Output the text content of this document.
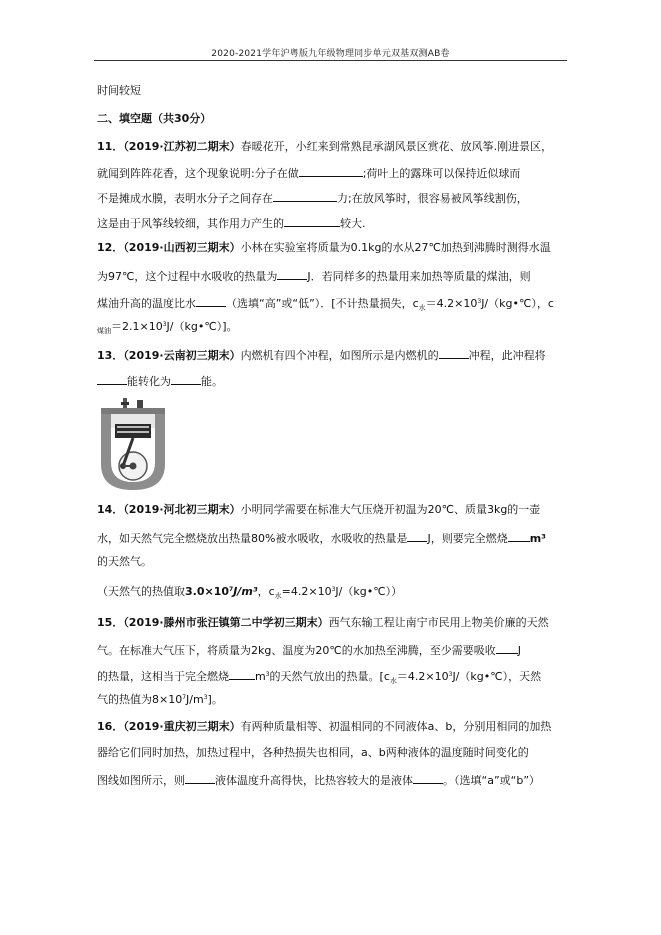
2020-2021学年沪粤版九年级物理同步单元双基双测AB卷
时间较短
二、填空题（共30分）
11．（2019·江苏初二期末）春暖花开，小红来到常熟昆承湖风景区赏花、放风筝.刚进景区，
就闻到阵阵花香，这个现象说明:分子在做	;荷叶上的露珠可以保持近似球而
不是摊成水膜，表明水分子之间存在	力;在放风筝时，很容易被风筝线割伤，
这是由于风筝线较细，其作用力产生的	较大.
12．（2019·山西初三期末）小林在实验室将质量为0.1kg的水从27℃加热到沸腾时测得水温
为97℃，这个过程中水吸收的热量为	J．若同样多的热量用来加热等质量的煤油，则
煤油升高的温度比水	（选填“高”或“低”）．[不计热量损失，$c_水=4.2\times 10^3J/(kg•℃)$，c
$_{煤油}=2.1\times 10^3J/(kg•℃)$]。
13．（2019·云南初三期末）内燃机有四个冲程，如图所示是内燃机的	冲程，此冲程将
能转化为	能。
14．（2019·河北初三期末）小明同学需要在标准大气压烧开初温为20℃、质量3kg的一壶
水，如天然气完全燃烧放出热量80%被水吸收，水吸收的热量是 J，则要完全燃烧 m³
的天然气。
（天然气的热值取$3.0\times 10^7J/m^3$，$c_水=4.2\times 10^3J/(kg•℃)$）
15．（2019·滕州市张汪镇第二中学初三期末）西气东输工程让南宁市民用上物美价廉的天然
气。在标准大气压下，将质量为2kg、温度为20℃的水加热至沸腾，至少需要吸收 J
的热量，这相当于完全燃烧 $m^3$的天然气放出的热量。[$c_水=4.2\times 10^3J/(kg•℃)$，天然
气的热值为$8\times 10^7J/m^3$]。
16．（2019·重庆初三期末）有两种质量相等、初温相同的不同液体a、b，分别用相同的加热
器给它们同时加热，加热过程中，各种热损失也相同，a、b两种液体的温度随时间变化的
图线如图所示，则	液体温度升高得快，比热容较大的是液体	。（选填“a”或“b”）
